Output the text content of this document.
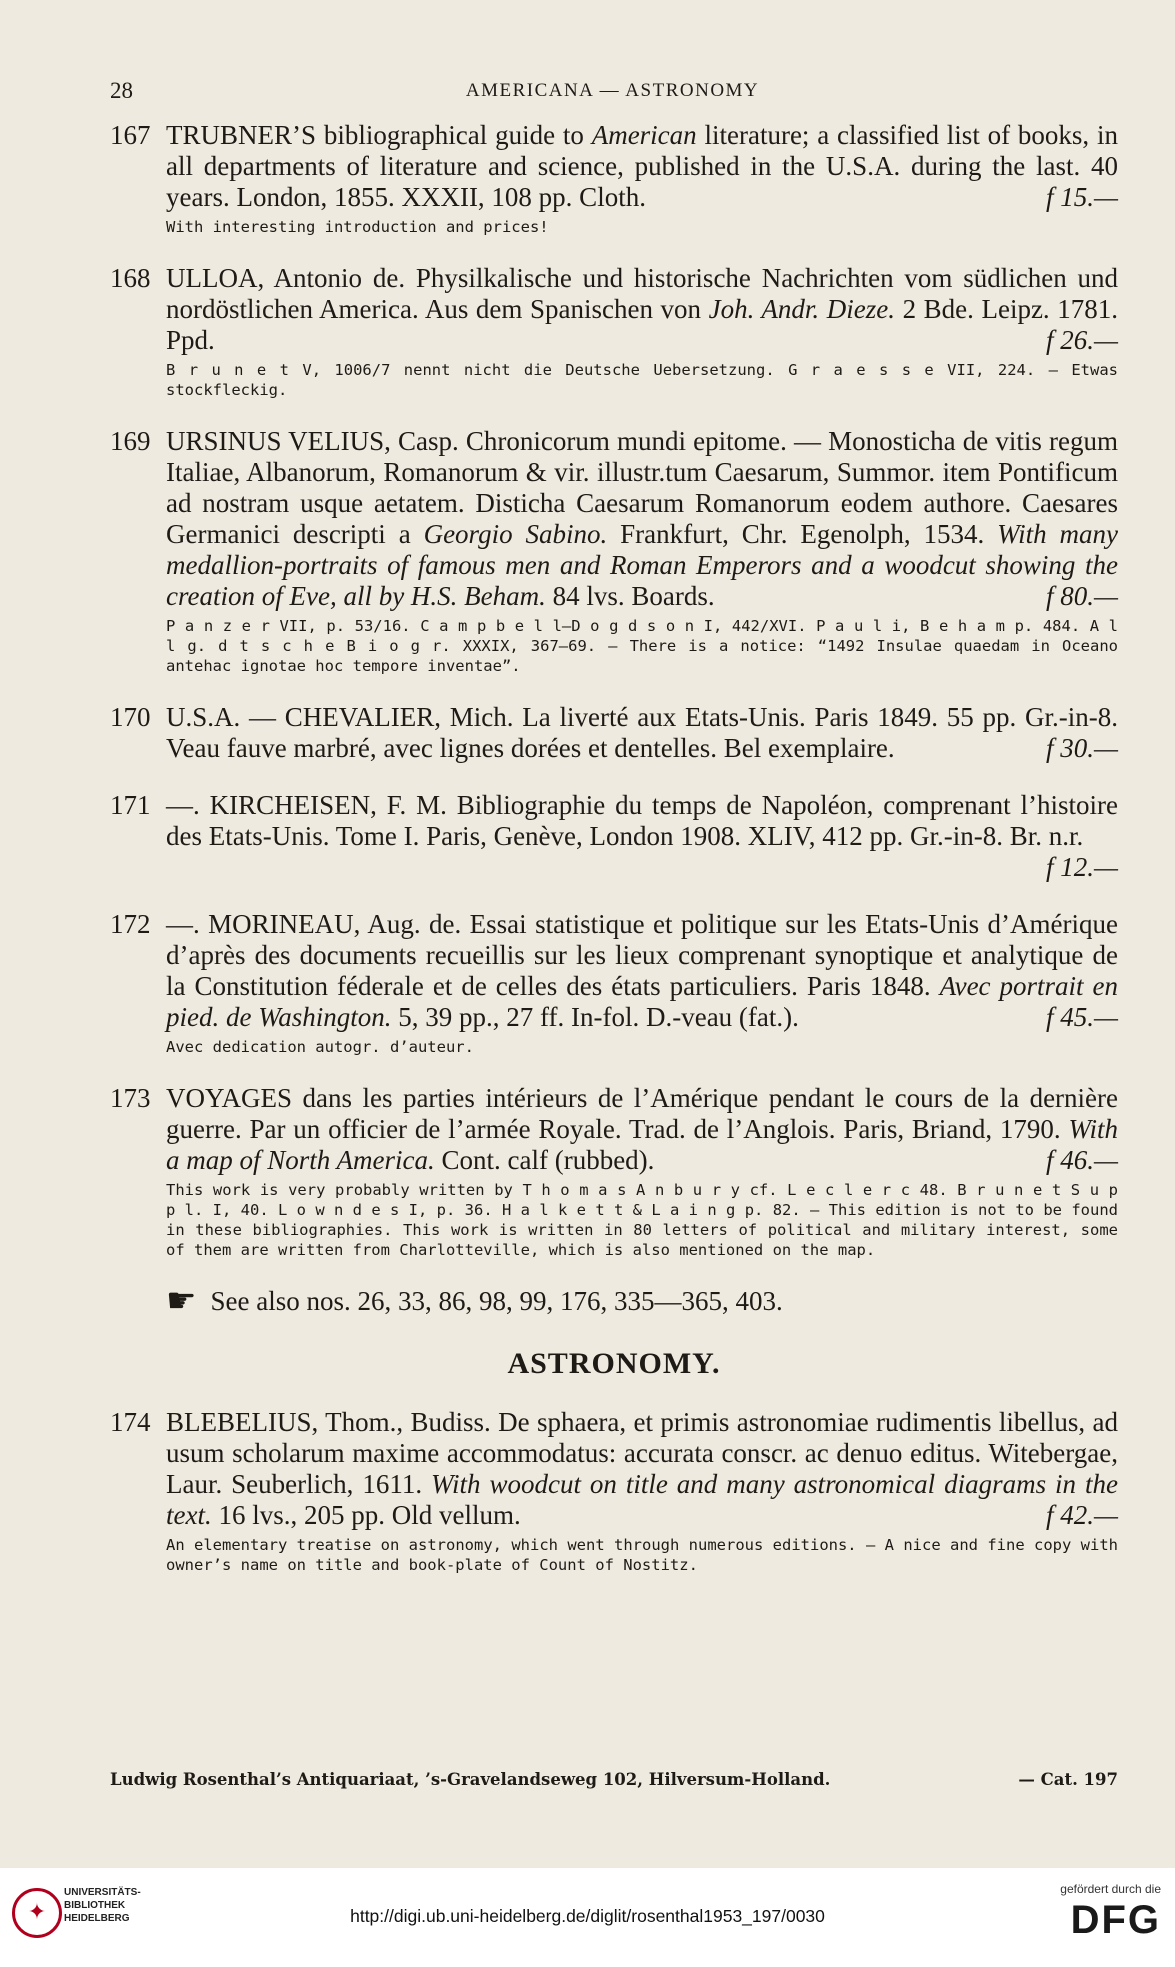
28	AMERICANA — ASTRONOMY
167 TRUBNER’S bibliographical guide to American literature; a classified list of books, in all departments of literature and science, published in the U.S.A. during the last. 40 years. London, 1855. XXXII, 108 pp. Cloth.	f 15.—

With interesting introduction and prices!

168 ULLOA, Antonio de. Physilkalische und historische Nachrichten vom südlichen und nordöstlichen America. Aus dem Spanischen von Joh. Andr. Dieze. 2 Bde. Leipz. 1781. Ppd.	f 26.—

B r u n e t V, 1006/7 nennt nicht die Deutsche Uebersetzung. G r a e s s e VII, 224. — Etwas stockfleckig.

169 URSINUS VELIUS, Casp. Chronicorum mundi epitome. — Monosticha de vitis regum Italiae, Albanorum, Romanorum & vir. illustr.tum Caesarum, Summor. item Pontificum ad nostram usque aetatem. Disticha Caesarum Romanorum eodem authore. Caesares Germanici descripti a Georgio Sabino. Frankfurt, Chr. Egenolph, 1534. With many medallion-portraits of famous men and Roman Emperors and a woodcut showing the creation of Eve, all by H.S. Beham. 84 lvs. Boards.	f 80.—

P a n z e r VII, p. 53/16. C a m p b e l l—D o g d s o n I, 442/XVI. P a u l i, B e h a m p. 484. A l l g. d t s c h e B i o g r. XXXIX, 367—69. — There is a notice: “1492 Insulae quaedam in Oceano antehac ignotae hoc tempore inventae”.

170 U.S.A. — CHEVALIER, Mich. La liverté aux Etats-Unis. Paris 1849. 55 pp. Gr.-in-8. Veau fauve marbré, avec lignes dorées et dentelles. Bel exemplaire.	f 30.—

171 —. KIRCHEISEN, F. M. Bibliographie du temps de Napoléon, comprenant l’histoire des Etats-Unis. Tome I. Paris, Genève, London 1908. XLIV, 412 pp. Gr.-in-8. Br. n.r.
f 12.—

172 —. MORINEAU, Aug. de. Essai statistique et politique sur les Etats-Unis d’Amérique d’après des documents recueillis sur les lieux comprenant synoptique et analytique de la Constitution féderale et de celles des états particuliers. Paris 1848. Avec portrait en pied. de Washington. 5, 39 pp., 27 ff. In-fol. D.-veau (fat.).	f 45.—

Avec dedication autogr. d’auteur.

173 VOYAGES dans les parties intérieurs de l’Amérique pendant le cours de la dernière guerre. Par un officier de l’armée Royale. Trad. de l’Anglois. Paris, Briand, 1790. With a map of North America. Cont. calf (rubbed).	f 46.—

This work is very probably written by T h o m a s A n b u r y cf. L e c l e r c 48. B r u n e t S u p p l. I, 40. L o w n d e s I, p. 36. H a l k e t t & L a i n g p. 82. — This edition is not to be found in these bibliographies. This work is written in 80 letters of political and military interest, some of them are written from Charlotteville, which is also mentioned on the map.

☛ See also nos. 26, 33, 86, 98, 99, 176, 335—365, 403.
ASTRONOMY.
174 BLEBELIUS, Thom., Budiss. De sphaera, et primis astronomiae rudimentis libellus, ad usum scholarum maxime accommodatus: accurata conscr. ac denuo editus. Witebergae, Laur. Seuberlich, 1611. With woodcut on title and many astronomical diagrams in the text. 16 lvs., 205 pp. Old vellum.	f 42.—

An elementary treatise on astronomy, which went through numerous editions. — A nice and fine copy with owner’s name on title and book-plate of Count of Nostitz.

Ludwig Rosenthal’s Antiquariaat, ’s-Gravelandseweg 102, Hilversum-Holland.	— Cat. 197
✦
UNIVERSITÄTS-
BIBLIOTHEK
HEIDELBERG	http://digi.ub.uni-heidelberg.de/diglit/rosenthal1953_197/0030
gefördert durch die
DFG
